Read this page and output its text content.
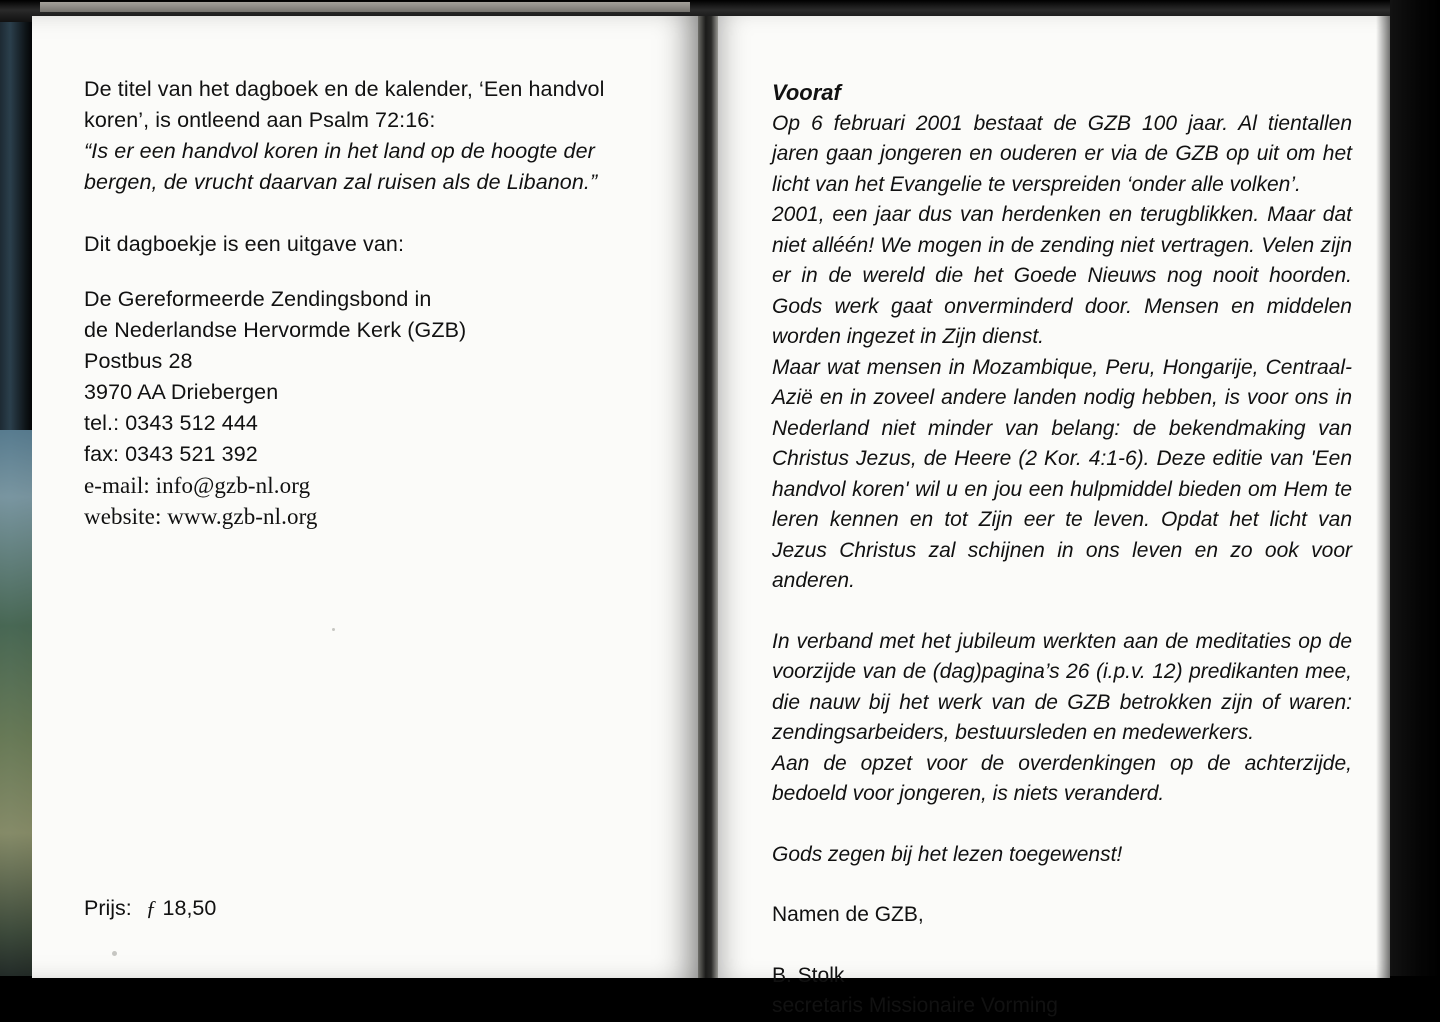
De titel van het dagboek en de kalender, ‘Een handvol koren’, is ontleend aan Psalm 72:16:

“Is er een handvol koren in het land op de hoogte der bergen, de vrucht daarvan zal ruisen als de Libanon.”

Dit dagboekje is een uitgave van:

De Gereformeerde Zendingsbond in

de Nederlandse Hervormde Kerk (GZB)

Postbus 28

3970 AA Driebergen

tel.: 0343 512 444

fax: 0343 521 392

e-mail: info@gzb-nl.org

website: www.gzb-nl.org

Prijs: ƒ 18,50

Vooraf

Op 6 februari 2001 bestaat de GZB 100 jaar. Al tientallen jaren gaan jongeren en ouderen er via de GZB op uit om het licht van het Evangelie te verspreiden ‘onder alle volken’.

2001, een jaar dus van herdenken en terugblikken. Maar dat niet alléén! We mogen in de zending niet vertragen. Velen zijn er in de wereld die het Goede Nieuws nog nooit hoorden. Gods werk gaat onverminderd door. Mensen en middelen worden ingezet in Zijn dienst.

Maar wat mensen in Mozambique, Peru, Hongarije, Centraal-Azië en in zoveel andere landen nodig hebben, is voor ons in Nederland niet minder van belang: de bekendmaking van Christus Jezus, de Heere (2 Kor. 4:1-6). Deze editie van 'Een handvol koren' wil u en jou een hulpmiddel bieden om Hem te leren kennen en tot Zijn eer te leven. Opdat het licht van Jezus Christus zal schijnen in ons leven en zo ook voor anderen.

In verband met het jubileum werkten aan de meditaties op de voorzijde van de (dag)pagina’s 26 (i.p.v. 12) predikanten mee, die nauw bij het werk van de GZB betrokken zijn of waren: zendingsarbeiders, bestuursleden en medewerkers.

Aan de opzet voor de overdenkingen op de achterzijde, bedoeld voor jongeren, is niets veranderd.

Gods zegen bij het lezen toegewenst!

Namen de GZB,

B. Stolk

secretaris Missionaire Vorming
